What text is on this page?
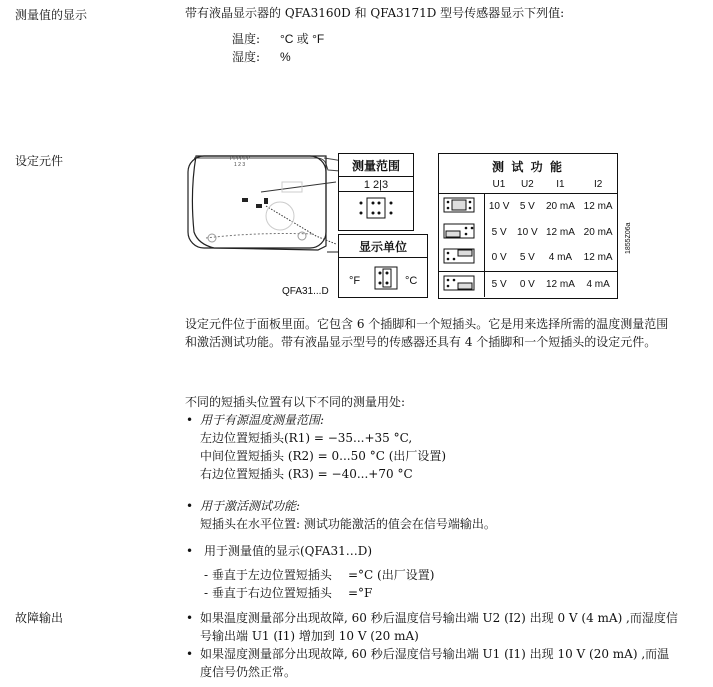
测量值的显示	带有液晶显示器的 QFA3160D 和 QFA3171D 型号传感器显示下列值:
温度: °C 或 °F
湿度: %
设定元件	PPPPPP
1 2 3
QFA31...D
测量范围
1 2|3
显示单位
°F	°C
测 试 功 能
	U1	U2	I1	I2
	10 V	5 V	20 mA	12 mA
	5 V	10 V	12 mA	20 mA
	0 V	5 V	4 mA	12 mA
	5 V	0 V	12 mA	4 mA
1855Z06a
设定元件位于面板里面。它包含 6 个插脚和一个短插头。它是用来选择所需的温度测量范围和激活测试功能。带有液晶显示型号的传感器还具有 4 个插脚和一个短插头的设定元件。
不同的短插头位置有以下不同的测量用处:
• 用于有源温度测量范围:
左边位置短插头(R1) = −35...+35 °C,
中间位置短插头 (R2) = 0...50 °C (出厂设置)
右边位置短插头 (R3) = −40...+70 °C
• 用于激活测试功能:
短插头在水平位置: 测试功能激活的值会在信号端输出。
• 用于测量值的显示(QFA31…D)
- 垂直于左边位置短插头 =°C (出厂设置)
- 垂直于右边位置短插头 =°F
故障输出	• 如果温度测量部分出现故障, 60 秒后温度信号输出端 U2 (I2) 出现 0 V (4 mA) ,而湿度信号输出端 U1 (I1) 增加到 10 V (20 mA)
• 如果湿度测量部分出现故障, 60 秒后湿度信号输出端 U1 (I1) 出现 10 V (20 mA) ,而温度信号仍然正常。
